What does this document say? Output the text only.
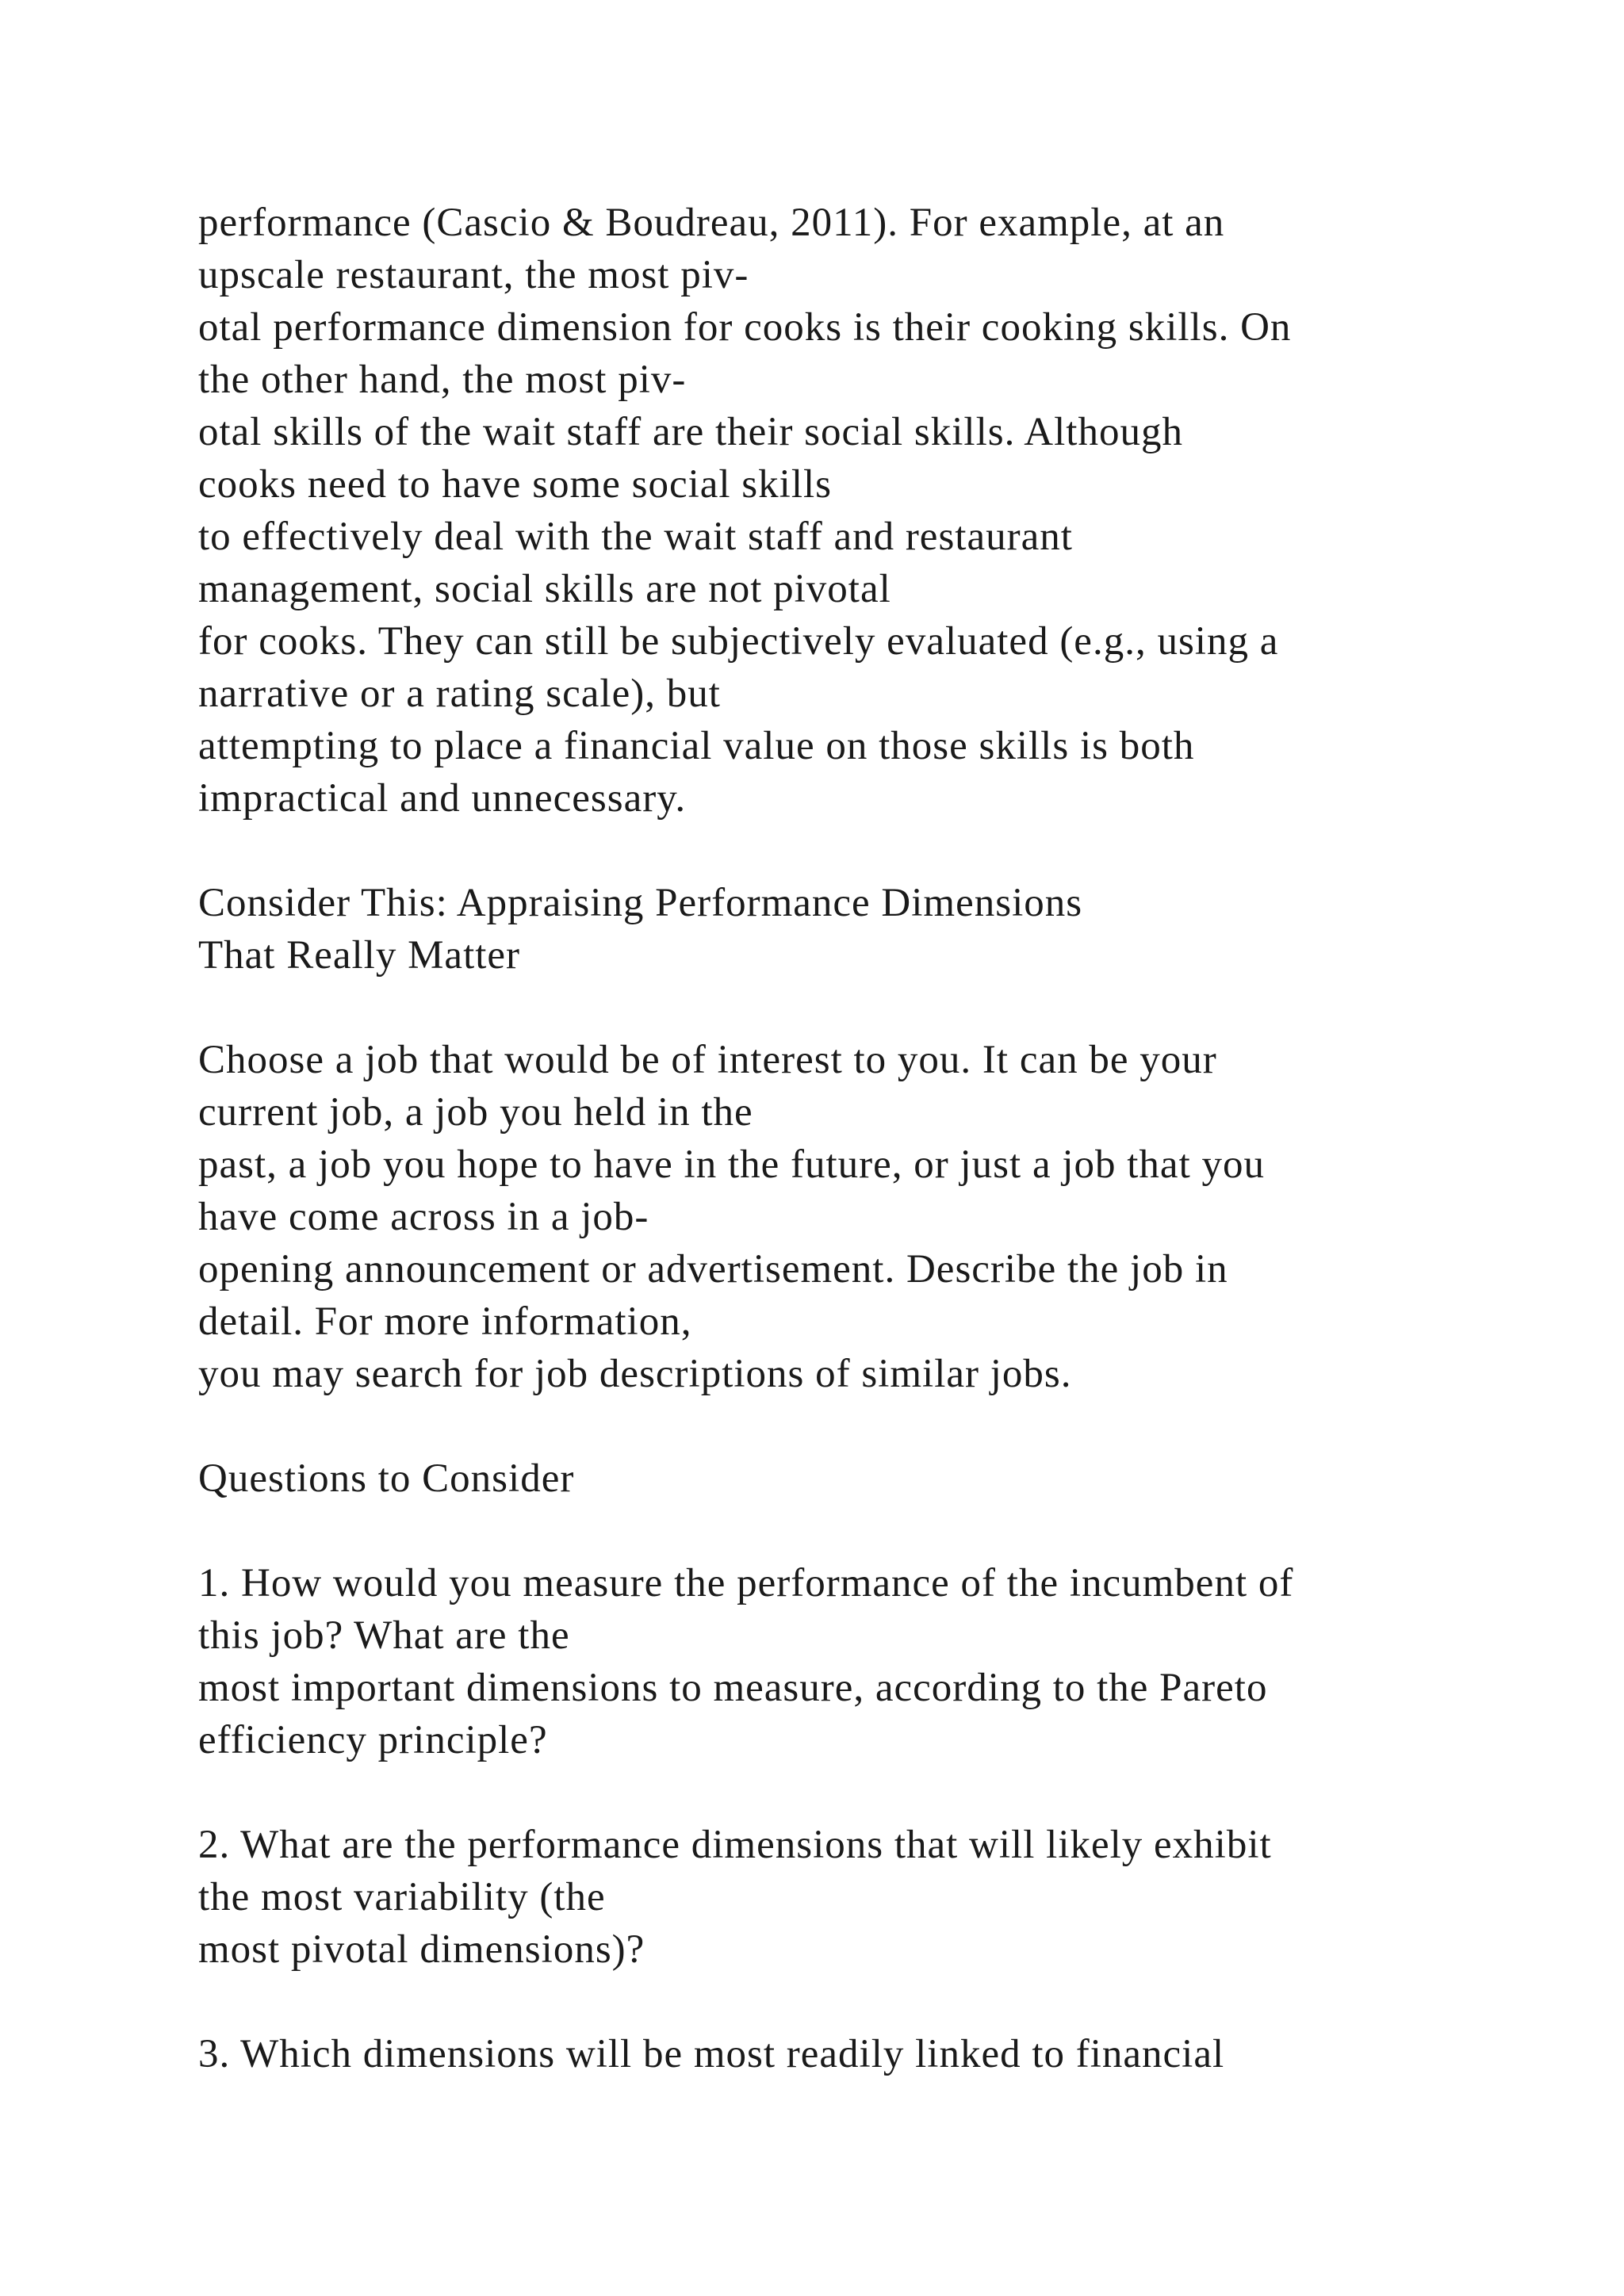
performance (Cascio & Boudreau, 2011). For example, at an
upscale restaurant, the most piv-
otal performance dimension for cooks is their cooking skills. On
the other hand, the most piv-
otal skills of the wait staff are their social skills. Although
cooks need to have some social skills
to effectively deal with the wait staff and restaurant
management, social skills are not pivotal
for cooks. They can still be subjectively evaluated (e.g., using a
narrative or a rating scale), but
attempting to place a financial value on those skills is both
impractical and unnecessary.
Consider This: Appraising Performance Dimensions
That Really Matter
Choose a job that would be of interest to you. It can be your
current job, a job you held in the
past, a job you hope to have in the future, or just a job that you
have come across in a job-
opening announcement or advertisement. Describe the job in
detail. For more information,
you may search for job descriptions of similar jobs.
Questions to Consider
1. How would you measure the performance of the incumbent of
this job? What are the
most important dimensions to measure, according to the Pareto
efficiency principle?
2. What are the performance dimensions that will likely exhibit
the most variability (the
most pivotal dimensions)?
3. Which dimensions will be most readily linked to financial
